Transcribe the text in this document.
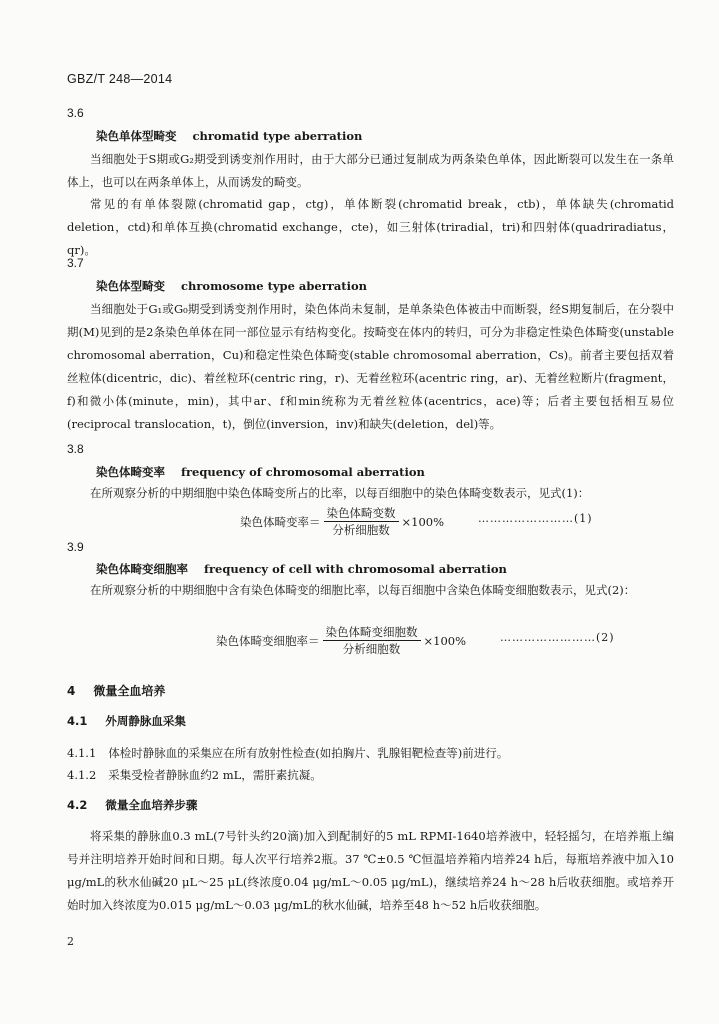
GBZ/T 248—2014
3.6
染色单体型畸变 chromatid type aberration

当细胞处于S期或G₂期受到诱变剂作用时，由于大部分已通过复制成为两条染色单体，因此断裂可以发生在一条单体上，也可以在两条单体上，从而诱发的畸变。

常见的有单体裂隙(chromatid gap，ctg)，单体断裂(chromatid break，ctb)，单体缺失(chromatid deletion，ctd)和单体互换(chromatid exchange，cte)，如三射体(triradial，tri)和四射体(quadriradiatus，qr)。

3.7
染色体型畸变 chromosome type aberration

当细胞处于G₁或G₀期受到诱变剂作用时，染色体尚未复制，是单条染色体被击中而断裂，经S期复制后，在分裂中期(M)见到的是2条染色单体在同一部位显示有结构变化。按畸变在体内的转归，可分为非稳定性染色体畸变(unstable chromosomal aberration，Cu)和稳定性染色体畸变(stable chromosomal aberration，Cs)。前者主要包括双着丝粒体(dicentric，dic)、着丝粒环(centric ring，r)、无着丝粒环(acentric ring，ar)、无着丝粒断片(fragment，f)和微小体(minute，min)，其中ar、f和min统称为无着丝粒体(acentrics，ace)等；后者主要包括相互易位(reciprocal translocation，t)，倒位(inversion，inv)和缺失(deletion，del)等。

3.8
染色体畸变率 frequency of chromosomal aberration

在所观察分析的中期细胞中染色体畸变所占的比率，以每百细胞中的染色体畸变数表示，见式(1)：

染色体畸变率＝ $\frac{\text{染色体畸变数}}{\text{分析细胞数}} \times 100\%$	……………………(1)
3.9
染色体畸变细胞率 frequency of cell with chromosomal aberration

在所观察分析的中期细胞中含有染色体畸变的细胞比率，以每百细胞中含染色体畸变细胞数表示，见式(2)：

染色体畸变细胞率＝ $\frac{\text{染色体畸变细胞数}}{\text{分析细胞数}} \times 100\%$	……………………(2)
4 微量全血培养
4.1 外周静脉血采集
4.1.1 体检时静脉血的采集应在所有放射性检查(如拍胸片、乳腺钼靶检查等)前进行。
4.1.2 采集受检者静脉血约2 mL，需肝素抗凝。
4.2 微量全血培养步骤

将采集的静脉血0.3 mL(7号针头约20滴)加入到配制好的5 mL RPMI-1640培养液中，轻轻摇匀，在培养瓶上编号并注明培养开始时间和日期。每人次平行培养2瓶。37 ℃±0.5 ℃恒温培养箱内培养24 h后，每瓶培养液中加入10 μg/mL的秋水仙碱20 μL～25 μL(终浓度0.04 μg/mL～0.05 μg/mL)，继续培养24 h～28 h后收获细胞。或培养开始时加入终浓度为0.015 μg/mL～0.03 μg/mL的秋水仙碱，培养至48 h～52 h后收获细胞。

2
